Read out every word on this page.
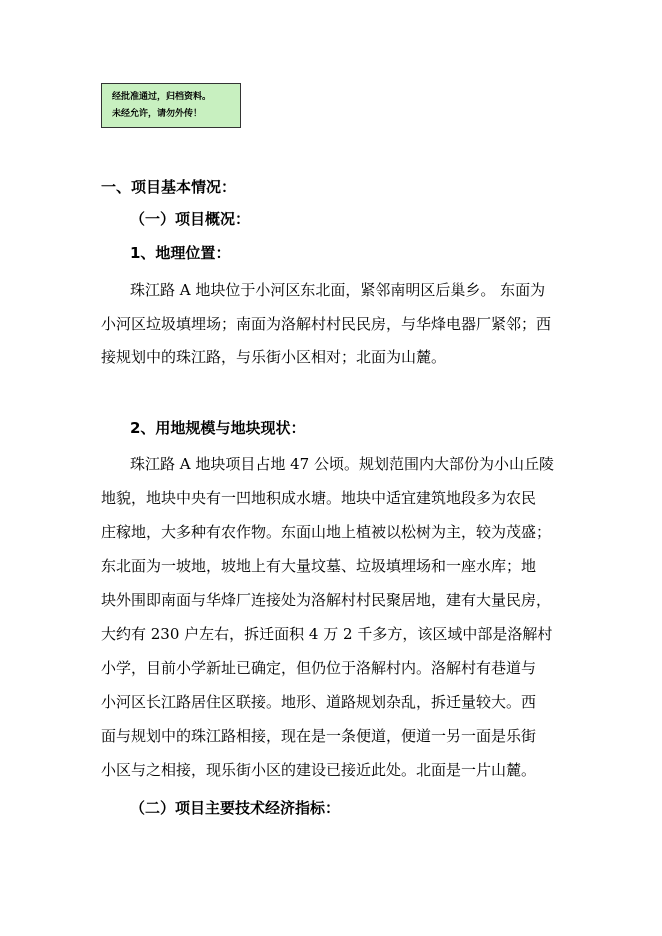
经批准通过，归档资料。
未经允许，请勿外传！
一、项目基本情况：
（一）项目概况：
1、地理位置：
珠江路 A 地块位于小河区东北面，紧邻南明区后巢乡。 东面为
小河区垃圾填埋场；南面为洛解村村民民房，与华烽电器厂紧邻；西
接规划中的珠江路，与乐街小区相对；北面为山麓。
2、用地规模与地块现状：
珠江路 A 地块项目占地 47 公顷。规划范围内大部份为小山丘陵
地貌，地块中央有一凹地积成水塘。地块中适宜建筑地段多为农民
庄稼地，大多种有农作物。东面山地上植被以松树为主，较为茂盛；
东北面为一坡地，坡地上有大量坟墓、垃圾填埋场和一座水库；地
块外围即南面与华烽厂连接处为洛解村村民聚居地，建有大量民房，
大约有 230 户左右，拆迁面积 4 万 2 千多方，该区域中部是洛解村
小学，目前小学新址已确定，但仍位于洛解村内。洛解村有巷道与
小河区长江路居住区联接。地形、道路规划杂乱，拆迁量较大。西
面与规划中的珠江路相接，现在是一条便道，便道一另一面是乐街
小区与之相接，现乐街小区的建设已接近此处。北面是一片山麓。
（二）项目主要技术经济指标：
